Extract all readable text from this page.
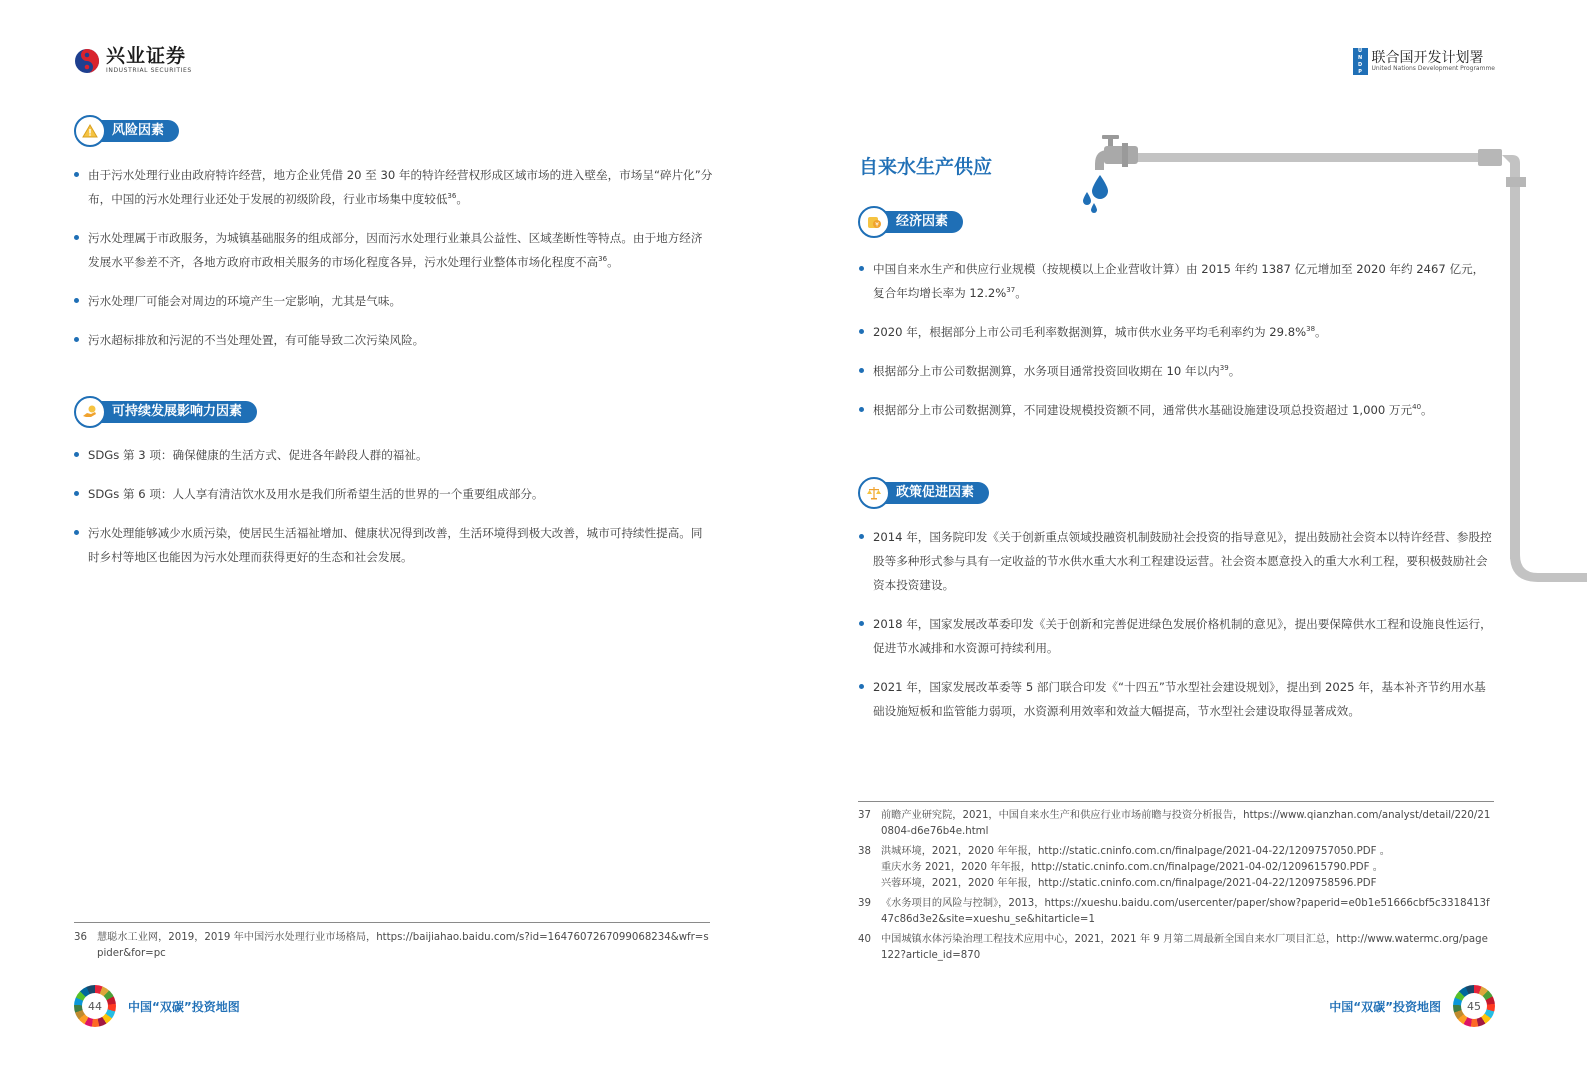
兴业证券
INDUSTRIAL SECURITIES
U
N
D
P
联合国开发计划署
United Nations Development Programme
风险因素
由于污水处理行业由政府特许经营，地方企业凭借 20 至 30 年的特许经营权形成区域市场的进入壁垒，市场呈“碎片化”分布，中国的污水处理行业还处于发展的初级阶段，行业市场集中度较低$^{36}$。
污水处理属于市政服务，为城镇基础服务的组成部分，因而污水处理行业兼具公益性、区域垄断性等特点。由于地方经济发展水平参差不齐，各地方政府市政相关服务的市场化程度各异，污水处理行业整体市场化程度不高$^{36}$。
污水处理厂可能会对周边的环境产生一定影响，尤其是气味。
污水超标排放和污泥的不当处理处置，有可能导致二次污染风险。
可持续发展影响力因素
SDGs 第 3 项：确保健康的生活方式、促进各年龄段人群的福祉。
SDGs 第 6 项：人人享有清洁饮水及用水是我们所希望生活的世界的一个重要组成部分。
污水处理能够减少水质污染，使居民生活福祉增加、健康状况得到改善，生活环境得到极大改善，城市可持续性提高。同时乡村等地区也能因为污水处理而获得更好的生态和社会发展。
36 慧聪水工业网，2019，2019 年中国污水处理行业市场格局，https://baijiahao.baidu.com/s?id=1647607267099068234&wfr=spider&for=pc
44	中国“双碳”投资地图
自来水生产供应
¥	经济因素
中国自来水生产和供应行业规模（按规模以上企业营收计算）由 2015 年约 1387 亿元增加至 2020 年约 2467 亿元，复合年均增长率为 12.2%$^{37}$。
2020 年，根据部分上市公司毛利率数据测算，城市供水业务平均毛利率约为 29.8%$^{38}$。
根据部分上市公司数据测算，水务项目通常投资回收期在 10 年以内$^{39}$。
根据部分上市公司数据测算，不同建设规模投资额不同，通常供水基础设施建设项总投资超过 1,000 万元$^{40}$。
政策促进因素
2014 年，国务院印发《关于创新重点领域投融资机制鼓励社会投资的指导意见》，提出鼓励社会资本以特许经营、参股控股等多种形式参与具有一定收益的节水供水重大水利工程建设运营。社会资本愿意投入的重大水利工程，要积极鼓励社会资本投资建设。
2018 年，国家发展改革委印发《关于创新和完善促进绿色发展价格机制的意见》，提出要保障供水工程和设施良性运行，促进节水减排和水资源可持续利用。
2021 年，国家发展改革委等 5 部门联合印发《“十四五”节水型社会建设规划》，提出到 2025 年，基本补齐节约用水基础设施短板和监管能力弱项，水资源利用效率和效益大幅提高，节水型社会建设取得显著成效。
37 前瞻产业研究院，2021，中国自来水生产和供应行业市场前瞻与投资分析报告，https://www.qianzhan.com/analyst/detail/220/210804-d6e76b4e.html
38 洪城环境，2021，2020 年年报，http://static.cninfo.com.cn/finalpage/2021-04-22/1209757050.PDF 。
重庆水务 2021，2020 年年报，http://static.cninfo.com.cn/finalpage/2021-04-02/1209615790.PDF 。
兴蓉环境，2021，2020 年年报，http://static.cninfo.com.cn/finalpage/2021-04-22/1209758596.PDF
39 《水务项目的风险与控制》，2013，https://xueshu.baidu.com/usercenter/paper/show?paperid=e0b1e51666cbf5c3318413f47c86d3e2&site=xueshu_se&hitarticle=1
40 中国城镇水体污染治理工程技术应用中心，2021，2021 年 9 月第二周最新全国自来水厂项目汇总，http://www.watermc.org/page122?article_id=870
中国“双碳”投资地图	45
